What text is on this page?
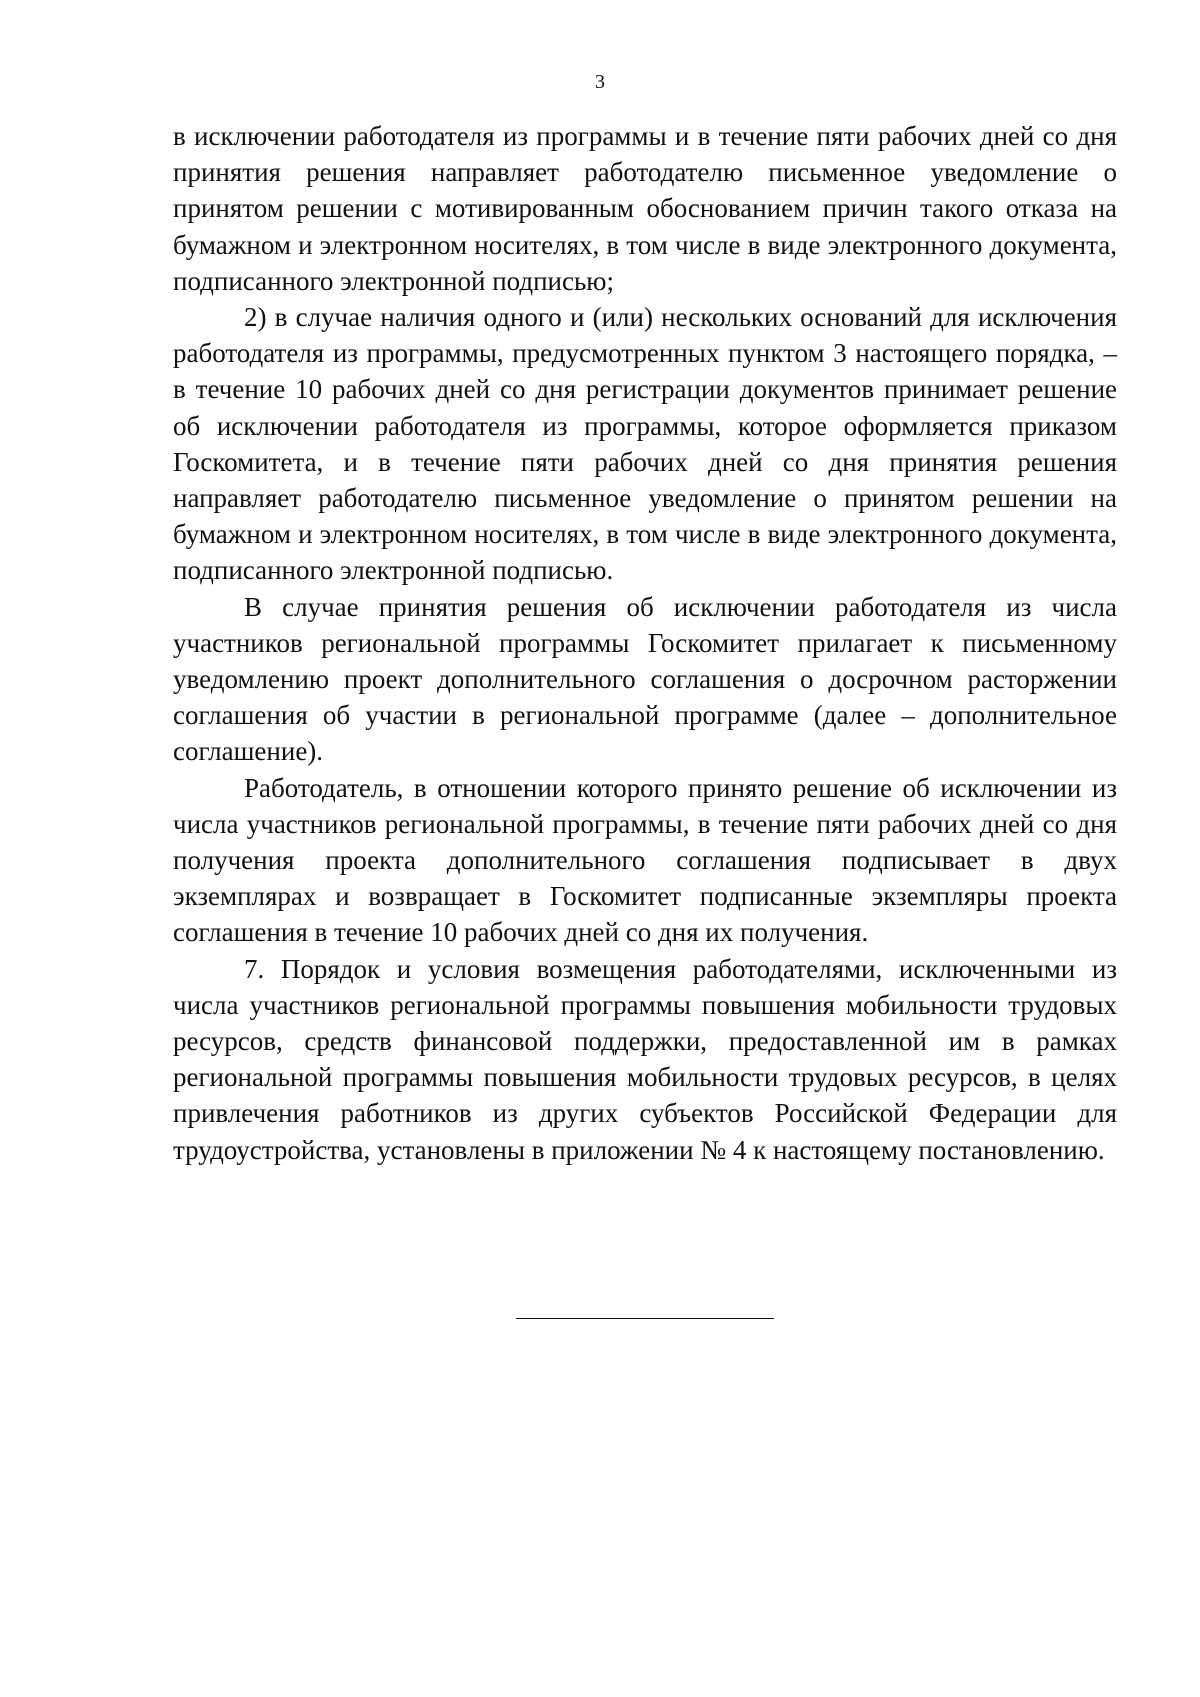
3

в исключении работодателя из программы и в течение пяти рабочих дней со дня принятия решения направляет работодателю письменное уведомление о принятом решении с мотивированным обоснованием причин такого отказа на бумажном и электронном носителях, в том числе в виде электронного документа, подписанного электронной подписью;

2) в случае наличия одного и (или) нескольких оснований для исключения работодателя из программы, предусмотренных пунктом 3 настоящего порядка, – в течение 10 рабочих дней со дня регистрации документов принимает решение об исключении работодателя из программы, которое оформляется приказом Госкомитета, и в течение пяти рабочих дней со дня принятия решения направляет работодателю письменное уведомление о принятом решении на бумажном и электронном носителях, в том числе в виде электронного документа, подписанного электронной подписью.

В случае принятия решения об исключении работодателя из числа участников региональной программы Госкомитет прилагает к письменному уведомлению проект дополнительного соглашения о досрочном расторжении соглашения об участии в региональной программе (далее – дополнительное соглашение).

Работодатель, в отношении которого принято решение об исключении из числа участников региональной программы, в течение пяти рабочих дней со дня получения проекта дополнительного соглашения подписывает в двух экземплярах и возвращает в Госкомитет подписанные экземпляры проекта соглашения в течение 10 рабочих дней со дня их получения.

7. Порядок и условия возмещения работодателями, исключенными из числа участников региональной программы повышения мобильности трудовых ресурсов, средств финансовой поддержки, предоставленной им в рамках региональной программы повышения мобильности трудовых ресурсов, в целях привлечения работников из других субъектов Российской Федерации для трудоустройства, установлены в приложении № 4 к настоящему постановлению.
